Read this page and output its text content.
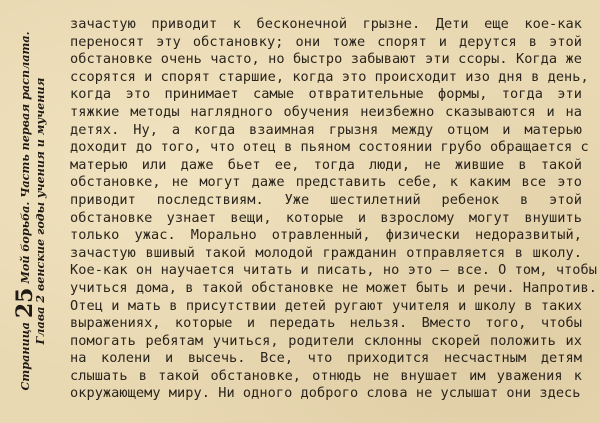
Страница25Мой борьба. Часть первая расплата. Глава 2 венские годы учения и мучения
зачастую приводит к бесконечной грызне. Дети еще кое-как
переносят эту обстановку; они тоже спорят и дерутся в этой
обстановке очень часто, но быстро забывают эти ссоры. Когда же
ссорятся и спорят старшие, когда это происходит изо дня в день,
когда это принимает самые отвратительные формы, тогда эти
тяжкие методы наглядного обучения неизбежно сказываются и на
детях. Ну, а когда взаимная грызня между отцом и матерью
доходит до того, что отец в пьяном состоянии грубо обращается с
матерью или даже бьет ее, тогда люди, не жившие в такой
обстановке, не могут даже представить себе, к каким все это
приводит последствиям. Уже шестилетний ребенок в этой
обстановке узнает вещи, которые и взрослому могут внушить
только ужас. Морально отравленный, физически недоразвитый,
зачастую вшивый такой молодой гражданин отправляется в школу.
Кое-как он научается читать и писать, но это — все. О том, чтобы
учиться дома, в такой обстановке не может быть и речи. Напротив.
Отец и мать в присутствии детей ругают учителя и школу в таких
выражениях, которые и передать нельзя. Вместо того, чтобы
помогать ребятам учиться, родители склонны скорей положить их
на колени и высечь. Все, что приходится несчастным детям
слышать в такой обстановке, отнюдь не внушает им уважения к
окружающему миру. Ни одного доброго слова не услышат они здесь
